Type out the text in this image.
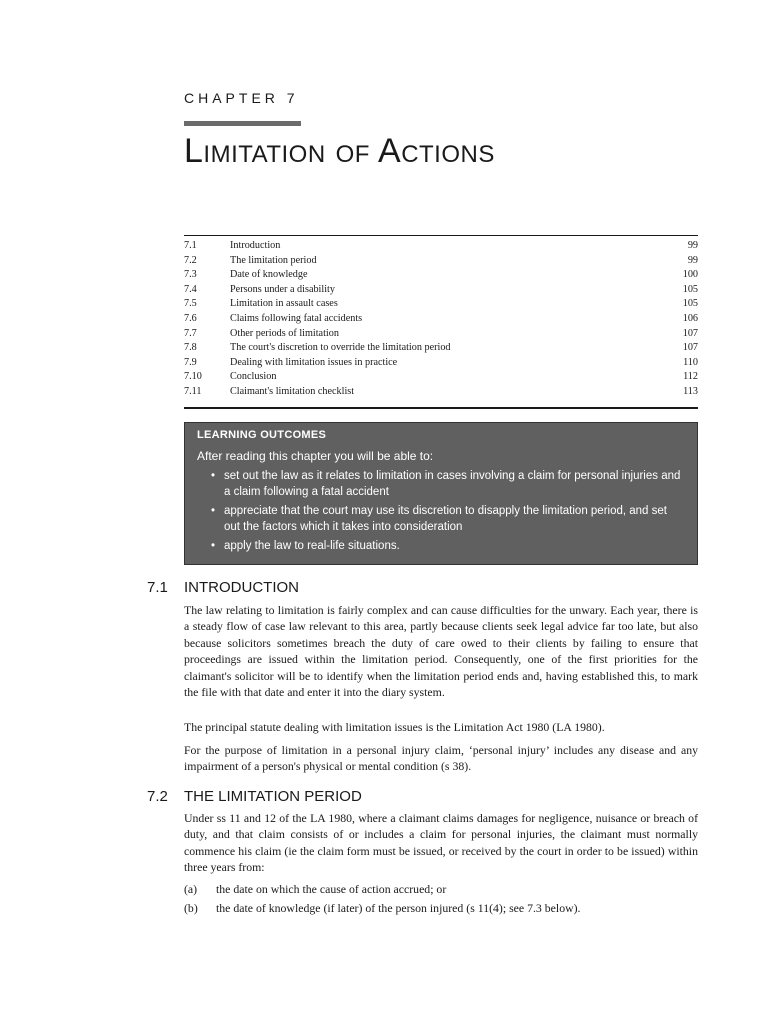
CHAPTER 7
Limitation of Actions
7.1	Introduction	99
7.2	The limitation period	99
7.3	Date of knowledge	100
7.4	Persons under a disability	105
7.5	Limitation in assault cases	105
7.6	Claims following fatal accidents	106
7.7	Other periods of limitation	107
7.8	The court's discretion to override the limitation period	107
7.9	Dealing with limitation issues in practice	110
7.10	Conclusion	112
7.11	Claimant's limitation checklist	113
LEARNING OUTCOMES
After reading this chapter you will be able to:
• set out the law as it relates to limitation in cases involving a claim for personal injuries and a claim following a fatal accident
• appreciate that the court may use its discretion to disapply the limitation period, and set out the factors which it takes into consideration
• apply the law to real-life situations.
7.1	INTRODUCTION

The law relating to limitation is fairly complex and can cause difficulties for the unwary. Each year, there is a steady flow of case law relevant to this area, partly because clients seek legal advice far too late, but also because solicitors sometimes breach the duty of care owed to their clients by failing to ensure that proceedings are issued within the limitation period. Consequently, one of the first priorities for the claimant's solicitor will be to identify when the limitation period ends and, having established this, to mark the file with that date and enter it into the diary system.

The principal statute dealing with limitation issues is the Limitation Act 1980 (LA 1980).

For the purpose of limitation in a personal injury claim, ‘personal injury’ includes any disease and any impairment of a person's physical or mental condition (s 38).

7.2	THE LIMITATION PERIOD

Under ss 11 and 12 of the LA 1980, where a claimant claims damages for negligence, nuisance or breach of duty, and that claim consists of or includes a claim for personal injuries, the claimant must normally commence his claim (ie the claim form must be issued, or received by the court in order to be issued) within three years from:

(a)	the date on which the cause of action accrued; or
(b)	the date of knowledge (if later) of the person injured (s 11(4); see 7.3 below).
